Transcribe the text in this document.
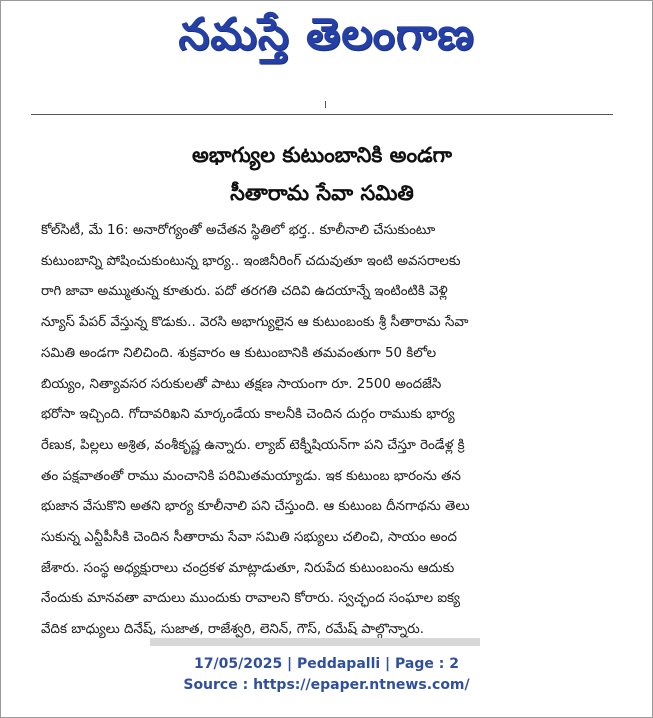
నమస్తే తెలంగాణ
అభాగ్యుల కుటుంబానికి అండగా
సీతారామ సేవా సమితి
కోల్‌సిటీ, మే 16: అనారోగ్యంతో అచేతన స్థితిలో భర్త.. కూలీనాలి చేసుకుంటూ
కుటుంబాన్ని పోషించుకుంటున్న భార్య.. ఇంజినీరింగ్ చదువుతూ ఇంటి అవసరాలకు
రాగి జావా అమ్ముతున్న కూతురు. పదో తరగతి చదివి ఉదయాన్నే ఇంటింటికి వెళ్లి
న్యూస్ పేపర్ వేస్తున్న కొడుకు.. వెరసి అభాగ్యులైన ఆ కుటుంబంకు శ్రీ సీతారామ సేవా
సమితి అండగా నిలిచింది. శుక్రవారం ఆ కుటుంబానికి తమవంతుగా 50 కిలోల
బియ్యం, నిత్యావసర సరుకులతో పాటు తక్షణ సాయంగా రూ. 2500 అందజేసి
భరోసా ఇచ్చింది. గోదావరిఖని మార్కండేయ కాలనీకి చెందిన దుర్గం రాముకు భార్య
రేణుక, పిల్లలు అశ్రిత, వంశీకృష్ణ ఉన్నారు. ల్యాబ్ టెక్నీషియన్‌గా పని చేస్తూ రెండేళ్ల క్రి
తం పక్షవాతంతో రాము మంచానికి పరిమితమయ్యాడు. ఇక కుటుంబ భారంను తన
భుజాన వేసుకొని అతని భార్య కూలీనాలి పని చేస్తుంది. ఆ కుటుంబ దీనగాథను తెలు
సుకున్న ఎన్టీపీసీకి చెందిన సీతారామ సేవా సమితి సభ్యులు చలించి, సాయం అంద
జేశారు. సంస్థ అధ్యక్షురాలు చంద్రకళ మాట్లాడుతూ, నిరుపేద కుటుంబంను ఆదుకు
నేందుకు మానవతా వాదులు ముందుకు రావాలని కోరారు. స్వచ్ఛంద సంఘాల ఐక్య
వేదిక బాధ్యులు దినేష్, సుజాత, రాజేశ్వరి, లెనిన్, గౌస్, రమేష్ పాల్గొన్నారు.
17/05/2025 | Peddapalli | Page : 2
Source : https://epaper.ntnews.com/
